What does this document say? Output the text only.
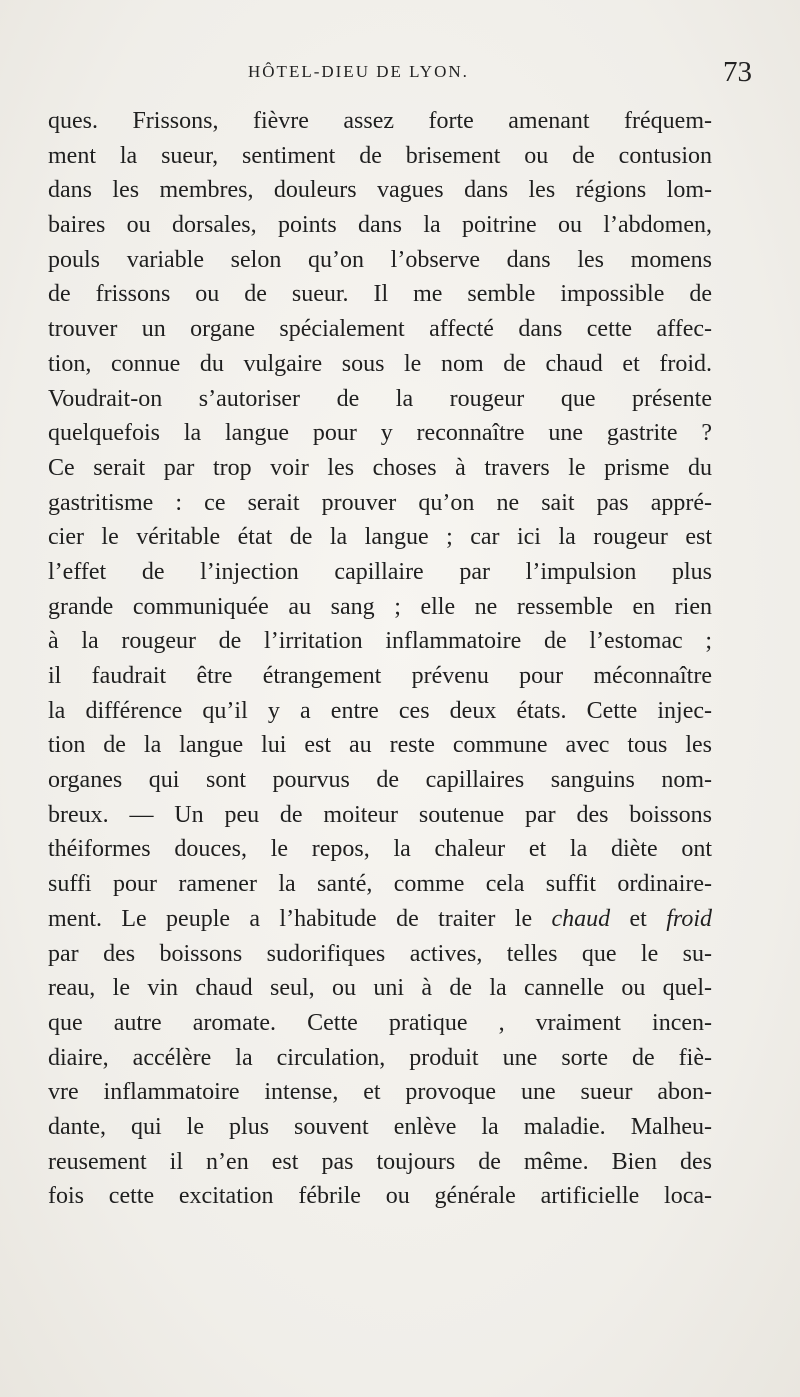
HÔTEL-DIEU DE LYON.	73
ques. Frissons, fièvre assez forte amenant fréquem-
ment la sueur, sentiment de brisement ou de contusion
dans les membres, douleurs vagues dans les régions lom-
baires ou dorsales, points dans la poitrine ou l’abdomen,
pouls variable selon qu’on l’observe dans les momens
de frissons ou de sueur. Il me semble impossible de
trouver un organe spécialement affecté dans cette affec-
tion, connue du vulgaire sous le nom de chaud et froid.
Voudrait-on s’autoriser de la rougeur que présente
quelquefois la langue pour y reconnaître une gastrite ?
Ce serait par trop voir les choses à travers le prisme du
gastritisme : ce serait prouver qu’on ne sait pas appré-
cier le véritable état de la langue ; car ici la rougeur est
l’effet de l’injection capillaire par l’impulsion plus
grande communiquée au sang ; elle ne ressemble en rien
à la rougeur de l’irritation inflammatoire de l’estomac ;
il faudrait être étrangement prévenu pour méconnaître
la différence qu’il y a entre ces deux états. Cette injec-
tion de la langue lui est au reste commune avec tous les
organes qui sont pourvus de capillaires sanguins nom-
breux. — Un peu de moiteur soutenue par des boissons
théiformes douces, le repos, la chaleur et la diète ont
suffi pour ramener la santé, comme cela suffit ordinaire-
ment. Le peuple a l’habitude de traiter le chaud et froid
par des boissons sudorifiques actives, telles que le su-
reau, le vin chaud seul, ou uni à de la cannelle ou quel-
que autre aromate. Cette pratique , vraiment incen-
diaire, accélère la circulation, produit une sorte de fiè-
vre inflammatoire intense, et provoque une sueur abon-
dante, qui le plus souvent enlève la maladie. Malheu-
reusement il n’en est pas toujours de même. Bien des
fois cette excitation fébrile ou générale artificielle loca-
